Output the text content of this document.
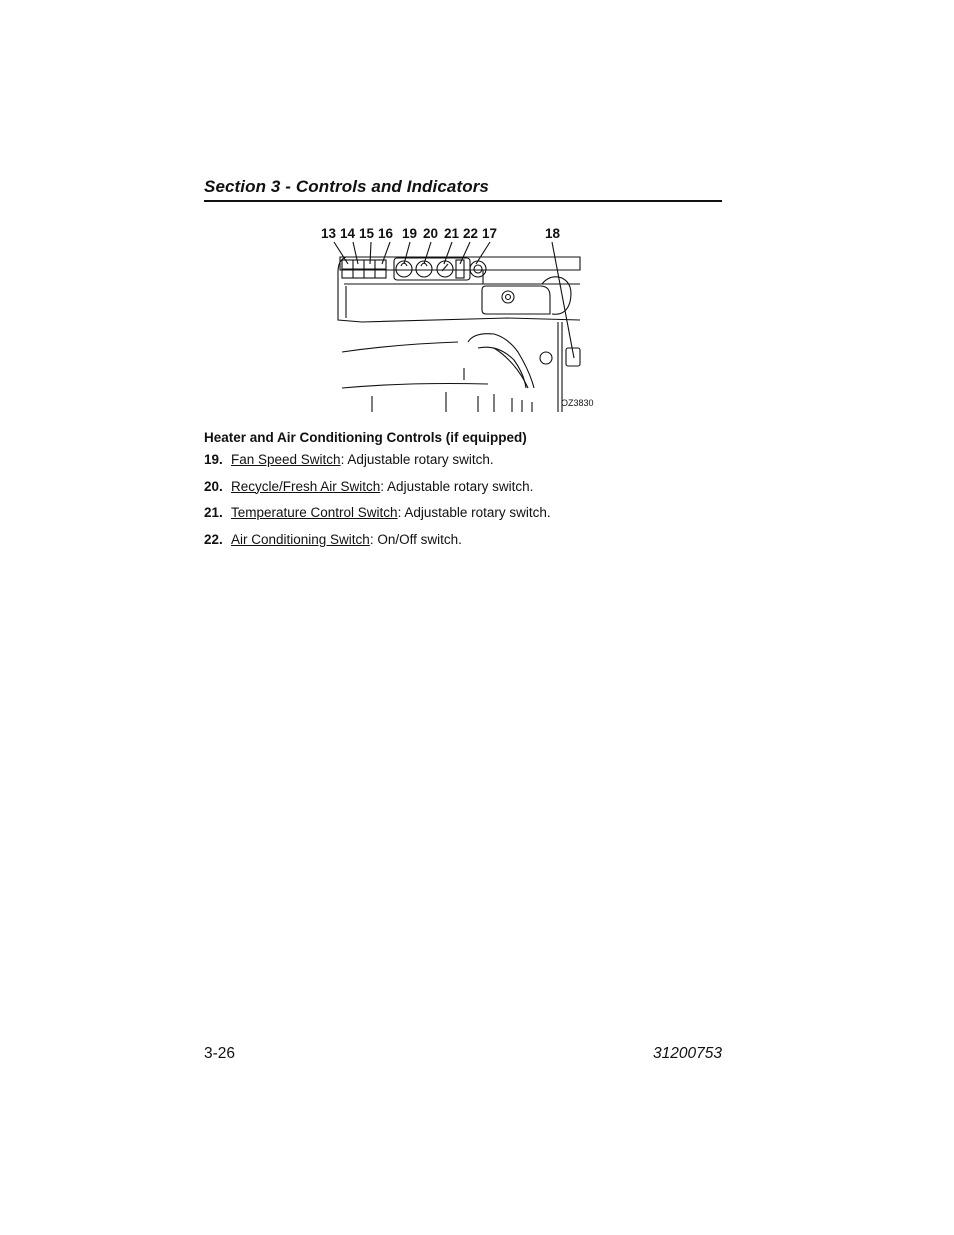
Section 3 - Controls and Indicators
13 14 15 16 19 20 21 22 17	18
OZ3830
Heater and Air Conditioning Controls (if equipped)
19. Fan Speed Switch: Adjustable rotary switch.
20. Recycle/Fresh Air Switch: Adjustable rotary switch.
21. Temperature Control Switch: Adjustable rotary switch.
22. Air Conditioning Switch: On/Off switch.
3-26	31200753
